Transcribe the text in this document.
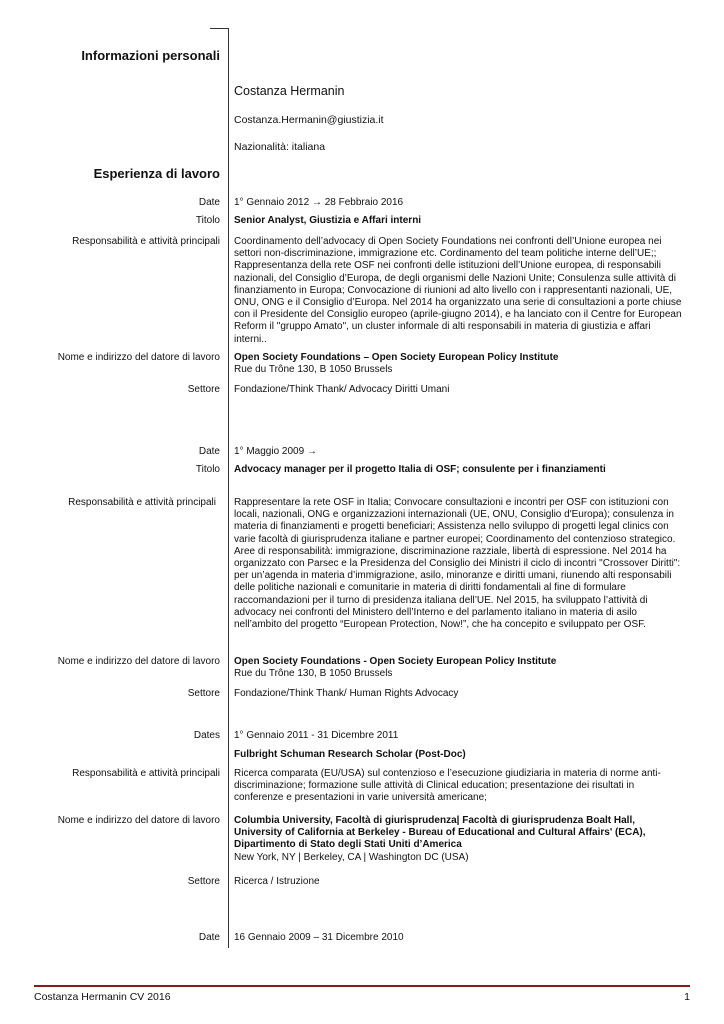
Informazioni personali
Costanza Hermanin
Costanza.Hermanin@giustizia.it
Nazionalità: italiana
Esperienza di lavoro
Date 1° Gennaio 2012 → 28 Febbraio 2016
Titolo Senior Analyst, Giustizia e Affari interni
Responsabilità e attività principali Coordinamento dell’advocacy di Open Society Foundations nei confronti dell’Unione europea nei settori non-discriminazione, immigrazione etc. Cordinamento del team politiche interne dell’UE;; Rappresentanza della rete OSF nei confronti delle istituzioni dell’Unione europea, di responsabili nazionali, del Consiglio d’Europa, de degli organismi delle Nazioni Unite; Consulenza sulle attività di finanziamento in Europa; Convocazione di riunioni ad alto livello con i rappresentanti nazionali, UE, ONU, ONG e il Consiglio d’Europa. Nel 2014 ha organizzato una serie di consultazioni a porte chiuse con il Presidente del Consiglio europeo (aprile-giugno 2014), e ha lanciato con il Centre for European Reform il "gruppo Amato", un cluster informale di alti responsabili in materia di giustizia e affari interni..
Nome e indirizzo del datore di lavoro Open Society Foundations – Open Society European Policy Institute
Rue du Trône 130, B 1050 Brussels
Settore Fondazione/Think Thank/ Advocacy Diritti Umani
Date 1° Maggio 2009 →
Titolo Advocacy manager per il progetto Italia di OSF; consulente per i finanziamenti
Responsabilità e attività principali Rappresentare la rete OSF in Italia; Convocare consultazioni e incontri per OSF con istituzioni con locali, nazionali, ONG e organizzazioni internazionali (UE, ONU, Consiglio d'Europa); consulenza in materia di finanziamenti e progetti beneficiari; Assistenza nello sviluppo di progetti legal clinics con varie facoltà di giurisprudenza italiane e partner europei; Coordinamento del contenzioso strategico. Aree di responsabilità: immigrazione, discriminazione razziale, libertà di espressione. Nel 2014 ha organizzato con Parsec e la Presidenza del Consiglio dei Ministri il ciclo di incontri "Crossover Diritti": per un’agenda in materia d’immigrazione, asilo, minoranze e diritti umani, riunendo alti responsabili delle politiche nazionali e comunitarie in materia di diritti fondamentali al fine di formulare raccomandazioni per il turno di presidenza italiana dell’UE. Nel 2015, ha sviluppato l’attività di advocacy nei confronti del Ministero dell’Interno e del parlamento italiano in materia di asilo nell’ambito del progetto “European Protection, Now!”, che ha concepito e sviluppato per OSF.
Nome e indirizzo del datore di lavoro Open Society Foundations - Open Society European Policy Institute
Rue du Trône 130, B 1050 Brussels
Settore Fondazione/Think Thank/ Human Rights Advocacy
Dates 1° Gennaio 2011 - 31 Dicembre 2011
Fulbright Schuman Research Scholar (Post-Doc)
Responsabilità e attività principali Ricerca comparata (EU/USA) sul contenzioso e l’esecuzione giudiziaria in materia di norme anti-discriminazione; formazione sulle attività di Clinical education; presentazione dei risultati in conferenze e presentazioni in varie università americane;
Nome e indirizzo del datore di lavoro Columbia University, Facoltà di giurisprudenza| Facoltà di giurisprudenza Boalt Hall, University of California at Berkeley - Bureau of Educational and Cultural Affairs' (ECA), Dipartimento di Stato degli Stati Uniti d’America
New York, NY | Berkeley, CA | Washington DC (USA)
Settore Ricerca / Istruzione
Date 16 Gennaio 2009 – 31 Dicembre 2010
Costanza Hermanin CV 2016	1
